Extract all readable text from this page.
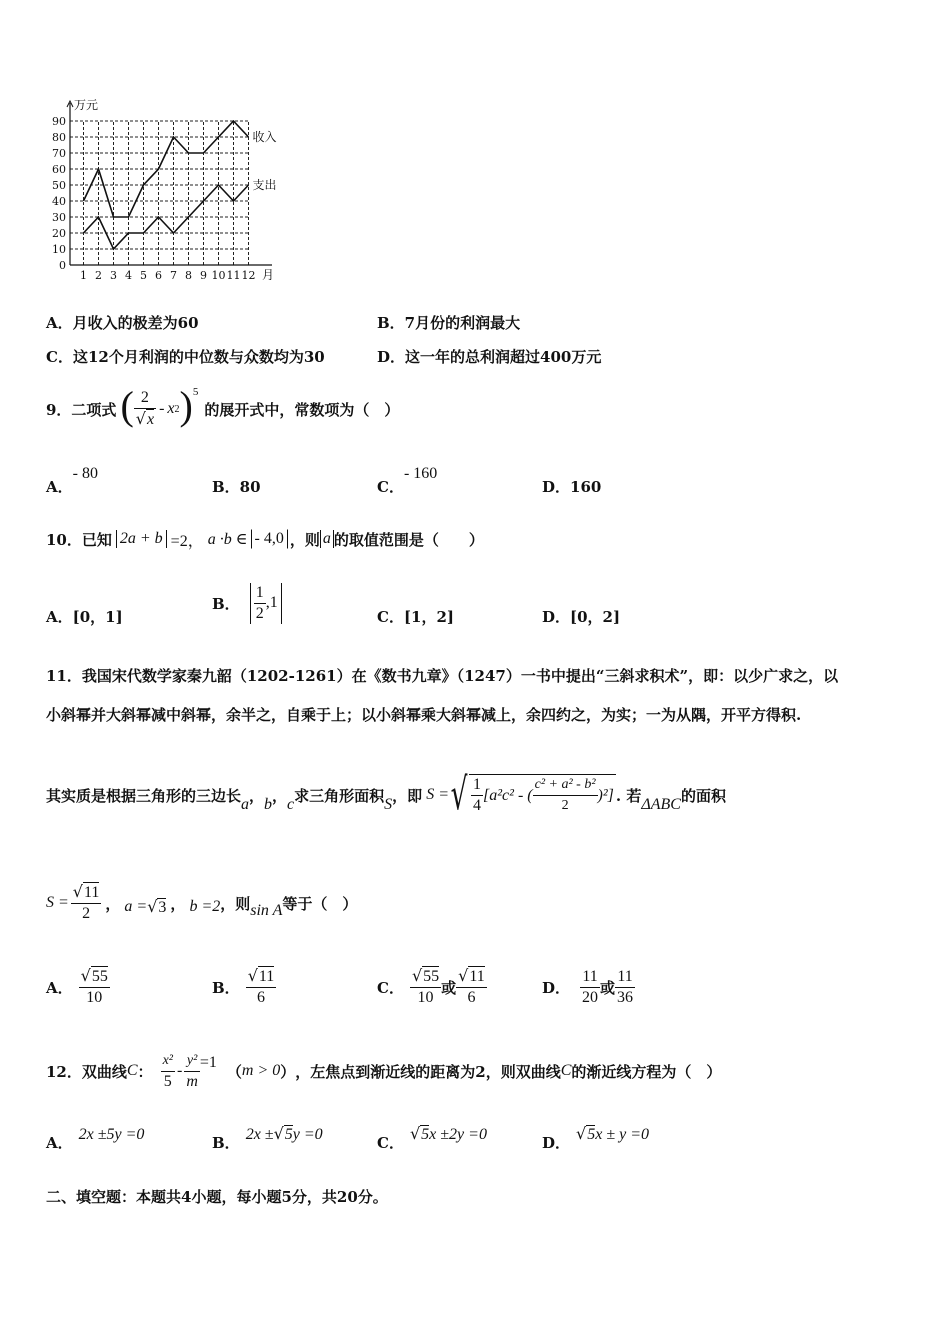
0
10
20
30
40
50
60
70
80
90
1 2 3 4 5 6 7 8 9 10 11 12
万元
月
收入
支出
A．月收入的极差为60	B．7月份的利润最大
C．这12个月利润的中位数与众数均为30	D．这一年的总利润超过400万元
9．二项式 ( $\frac{2}{√x}$ - x 2 )$^5$
的展开式中，常数项为（　）
A．- 80
B．80	C．- 160
D．160
10．已知 2a + b =2， a ·b ∈ - 4,0 ，则 a 的取值范围是（　　）
A．[0，1]
B． $\frac{1}{2} ,1$
C．[1，2]	D．[0，2]
11．我国宋代数学家秦九韶（1202-1261）在《数书九章》（1247）一书中提出“三斜求积术”，即：以少广求之，以
小斜幂并大斜幂减中斜幂，余半之，自乘于上；以小斜幂乘大斜幂减上，余四约之，为实；一为从隅，开平方得积.
其实质是根据三角形的三边长 a ， b ， c 求三角形面积 S ，即 S = √ $\frac{1}{4} [a^2c^2$ - ( $\frac{\text{c² + a² - b²}}{2} )^2$] . 若 ΔABC 的面积
$S = \frac{√11}{2}$ ， a = √3 ， b =2 ，则 sin A 等于（　）
A． $\frac{√55}{10}$	B． $\frac{√11}{6}$	C． $\frac{√55}{10}$ 或 $\frac{√11}{6}$	D． $\frac{11}{20}$ 或 $\frac{11}{36}$
12．双曲线 C ： $\frac{\text{x²}}{5} - \frac{\text{y²}}{m} =1$ （ m > 0 ） ，左焦点到渐近线的距离为2，则双曲线 C 的渐近线方程为（　）
A． 2x ±5y =0	B． 2x ±√5y =0	C． √5x ±2y =0	D． √5x ± y =0
二、填空题：本题共4小题，每小题5分，共20分。
